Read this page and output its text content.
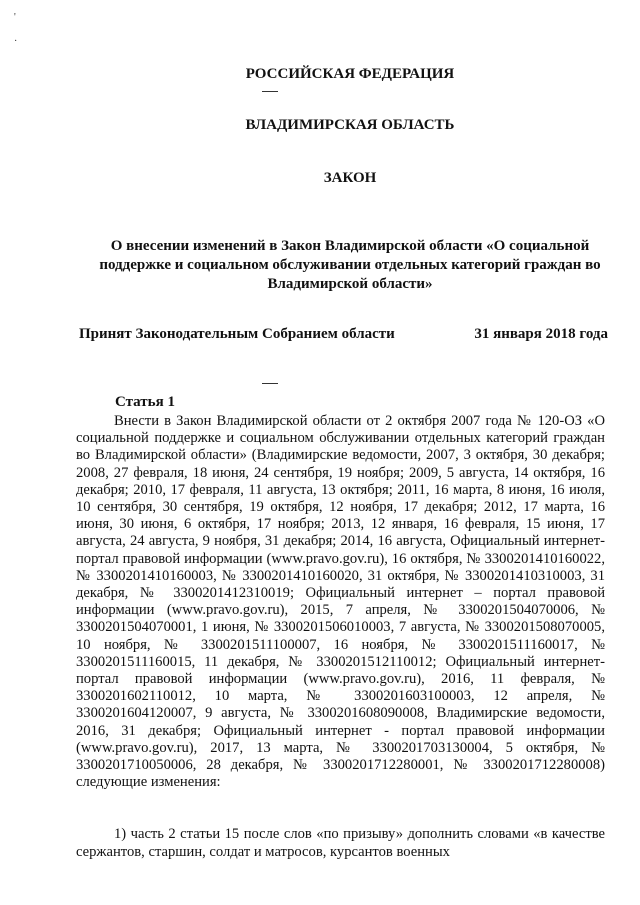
'
·
РОССИЙСКАЯ ФЕДЕРАЦИЯ
ВЛАДИМИРСКАЯ ОБЛАСТЬ
ЗАКОН
О внесении изменений в Закон Владимирской области «О социальной поддержке и социальном обслуживании отдельных категорий граждан во Владимирской области»
Принят Законодательным Собранием области	31 января 2018 года
Статья 1
Внести в Закон Владимирской области от 2 октября 2007 года № 120-ОЗ «О социальной поддержке и социальном обслуживании отдельных категорий граждан во Владимирской области» (Владимирские ведомости, 2007, 3 октября, 30 декабря; 2008, 27 февраля, 18 июня, 24 сентября, 19 ноября; 2009, 5 августа, 14 октября, 16 декабря; 2010, 17 февраля, 11 августа, 13 октября; 2011, 16 марта, 8 июня, 16 июля, 10 сентября, 30 сентября, 19 октября, 12 ноября, 17 декабря; 2012, 17 марта, 16 июня, 30 июня, 6 октября, 17 ноября; 2013, 12 января, 16 февраля, 15 июня, 17 августа, 24 августа, 9 ноября, 31 декабря; 2014, 16 августа, Официальный интернет-портал правовой информации (www.pravo.gov.ru), 16 октября, № 3300201410160022, № 3300201410160003, № 3300201410160020, 31 октября, № 3300201410310003, 31 декабря, № 3300201412310019; Официальный интернет – портал правовой информации (www.pravo.gov.ru), 2015, 7 апреля, № 3300201504070006, № 3300201504070001, 1 июня, № 3300201506010003, 7 августа, № 3300201508070005, 10 ноября, № 3300201511100007, 16 ноября, № 3300201511160017, № 3300201511160015, 11 декабря, № 3300201512110012; Официальный интернет-портал правовой информации (www.pravo.gov.ru), 2016, 11 февраля, № 3300201602110012, 10 марта, № 3300201603100003, 12 апреля, № 3300201604120007, 9 августа, № 3300201608090008, Владимирские ведомости, 2016, 31 декабря; Официальный интернет - портал правовой информации (www.pravo.gov.ru), 2017, 13 марта, № 3300201703130004, 5 октября, № 3300201710050006, 28 декабря, № 3300201712280001, № 3300201712280008) следующие изменения:
1) часть 2 статьи 15 после слов «по призыву» дополнить словами «в качестве сержантов, старшин, солдат и матросов, курсантов военных
